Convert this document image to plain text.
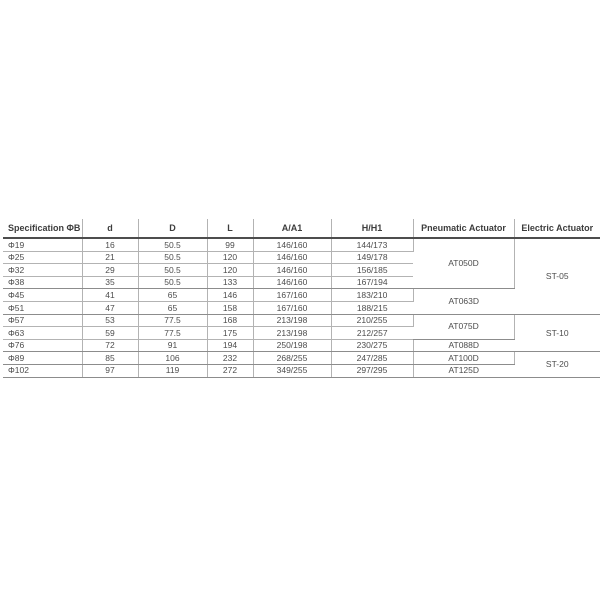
Specification ΦB	d	D	L	A/A1	H/H1	Pneumatic Actuator	Electric Actuator
Φ19	16	50.5	99	146/160	144/173	AT050D	ST-05
Φ25	21	50.5	120	146/160	149/178		
Φ32	29	50.5	120	146/160	156/185		
Φ38	35	50.5	133	146/160	167/194		
Φ45	41	65	146	167/160	183/210	AT063D	
Φ51	47	65	158	167/160	188/215		
Φ57	53	77.5	168	213/198	210/255	AT075D	ST-10
Φ63	59	77.5	175	213/198	212/257		
Φ76	72	91	194	250/198	230/275	AT088D	
Φ89	85	106	232	268/255	247/285	AT100D	ST-20
Φ102	97	119	272	349/255	297/295	AT125D	
